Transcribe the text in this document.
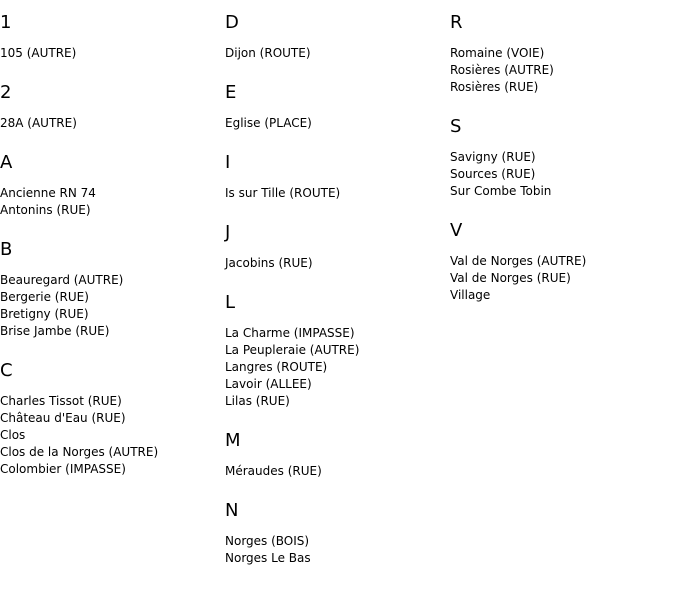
1
105 (AUTRE)
2
28A (AUTRE)
A
Ancienne RN 74
Antonins (RUE)
B
Beauregard (AUTRE)
Bergerie (RUE)
Bretigny (RUE)
Brise Jambe (RUE)
C
Charles Tissot (RUE)
Château d'Eau (RUE)
Clos
Clos de la Norges (AUTRE)
Colombier (IMPASSE)
D
Dijon (ROUTE)
E
Eglise (PLACE)
I
Is sur Tille (ROUTE)
J
Jacobins (RUE)
L
La Charme (IMPASSE)
La Peupleraie (AUTRE)
Langres (ROUTE)
Lavoir (ALLEE)
Lilas (RUE)
M
Méraudes (RUE)
N
Norges (BOIS)
Norges Le Bas
R
Romaine (VOIE)
Rosières (AUTRE)
Rosières (RUE)
S
Savigny (RUE)
Sources (RUE)
Sur Combe Tobin
V
Val de Norges (AUTRE)
Val de Norges (RUE)
Village
